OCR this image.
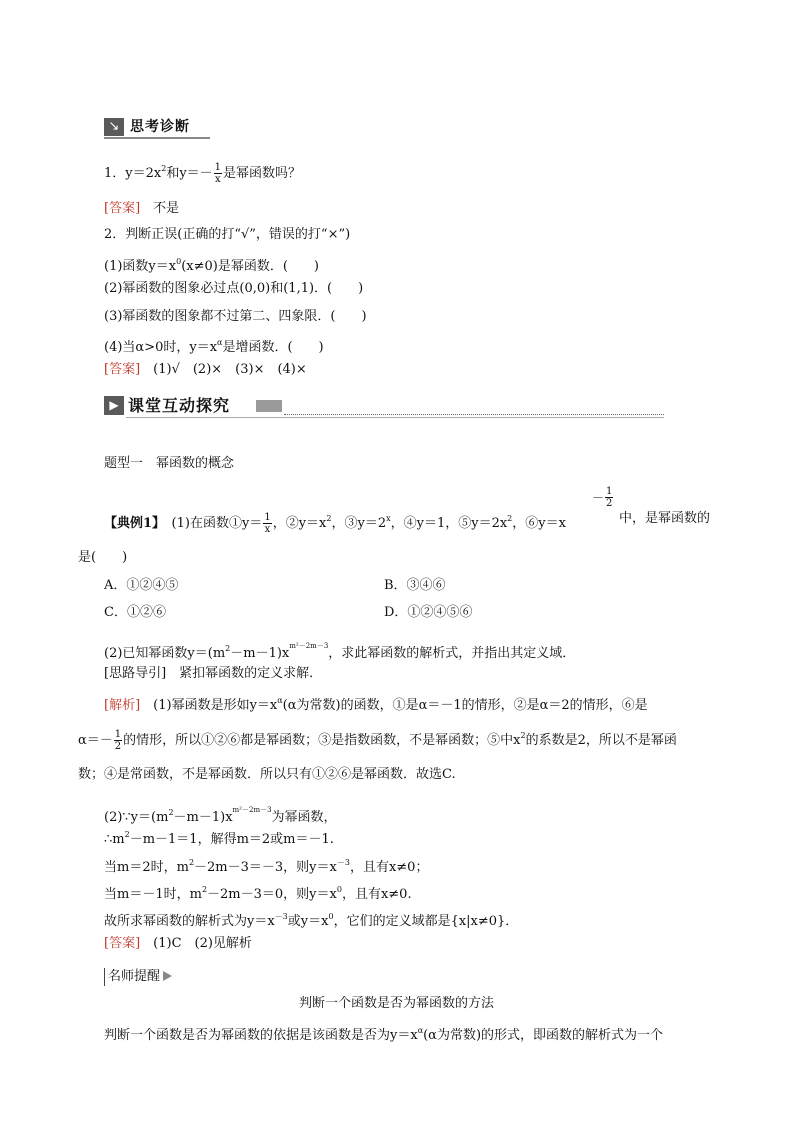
↘ 思考诊断
1．$y=2x^2$和$y=- \frac{1}{x}$ 是幂函数吗？
[答案]　不是
2．判断正误(正确的打“√”，错误的打“×”)
(1)函数$y=x^0(x\ne 0)$是幂函数．(　　)
(2)幂函数的图象必过点(0,0)和(1,1)．(　　)
(3)幂函数的图象都不过第二、四象限．(　　)
(4)当α>0时，$y=x^\alpha$是增函数．(　　)
[答案]　(1)√　(2)×　(3)×　(4)×
▶ 课堂互动探究
题型一　幂函数的概念
【典例1】　(1)在函数①y＝ $\frac{1}{x}$ ，$②y=x^2$，$③y=2^x$，④y＝1，$⑤y=2x^2$，⑥y＝x
－ $\frac{1}{2}$
中，是幂函数的
是(　　)
A．①②④⑤	B．③④⑥
C．①②⑥	D．①②④⑤⑥
(2)已知幂函数$y=(m^2-m-1)x^{m^2-2m-3}$，求此幂函数的解析式，并指出其定义域．
[思路导引]　紧扣幂函数的定义求解．
[解析]　(1)幂函数是形如$y=x^\alpha(\alpha$为常数)的函数，①是α＝－1的情形，②是α＝2的情形，⑥是
$\alpha=- \frac{1}{2}$ 的情形，所以①②⑥都是幂函数；③是指数函数，不是幂函数；⑤中$x^2$的系数是2，所以不是幂函
数；④是常函数，不是幂函数．所以只有①②⑥是幂函数．故选C.
$(2)\because y=(m^2-m-1)x^{m^2-2m-3}$为幂函数，
$\therefore m^2-m-1=1$，解得m＝2或m＝－1.
当m＝2时，$m^2-2m-3=-3$，则$y=x^{-3}$，且有x≠0；
当m＝－1时，$m^2-2m-3=0$，则$y=x^0$，且有x≠0.
故所求幂函数的解析式为$y=x^{-3}$或$y=x^0$，它们的定义域都是{x|x≠0}．
[答案]　(1)C　(2)见解析
名师提醒
判断一个函数是否为幂函数的方法
判断一个函数是否为幂函数的依据是该函数是否为$y=x^\alpha(\alpha$为常数)的形式，即函数的解析式为一个
